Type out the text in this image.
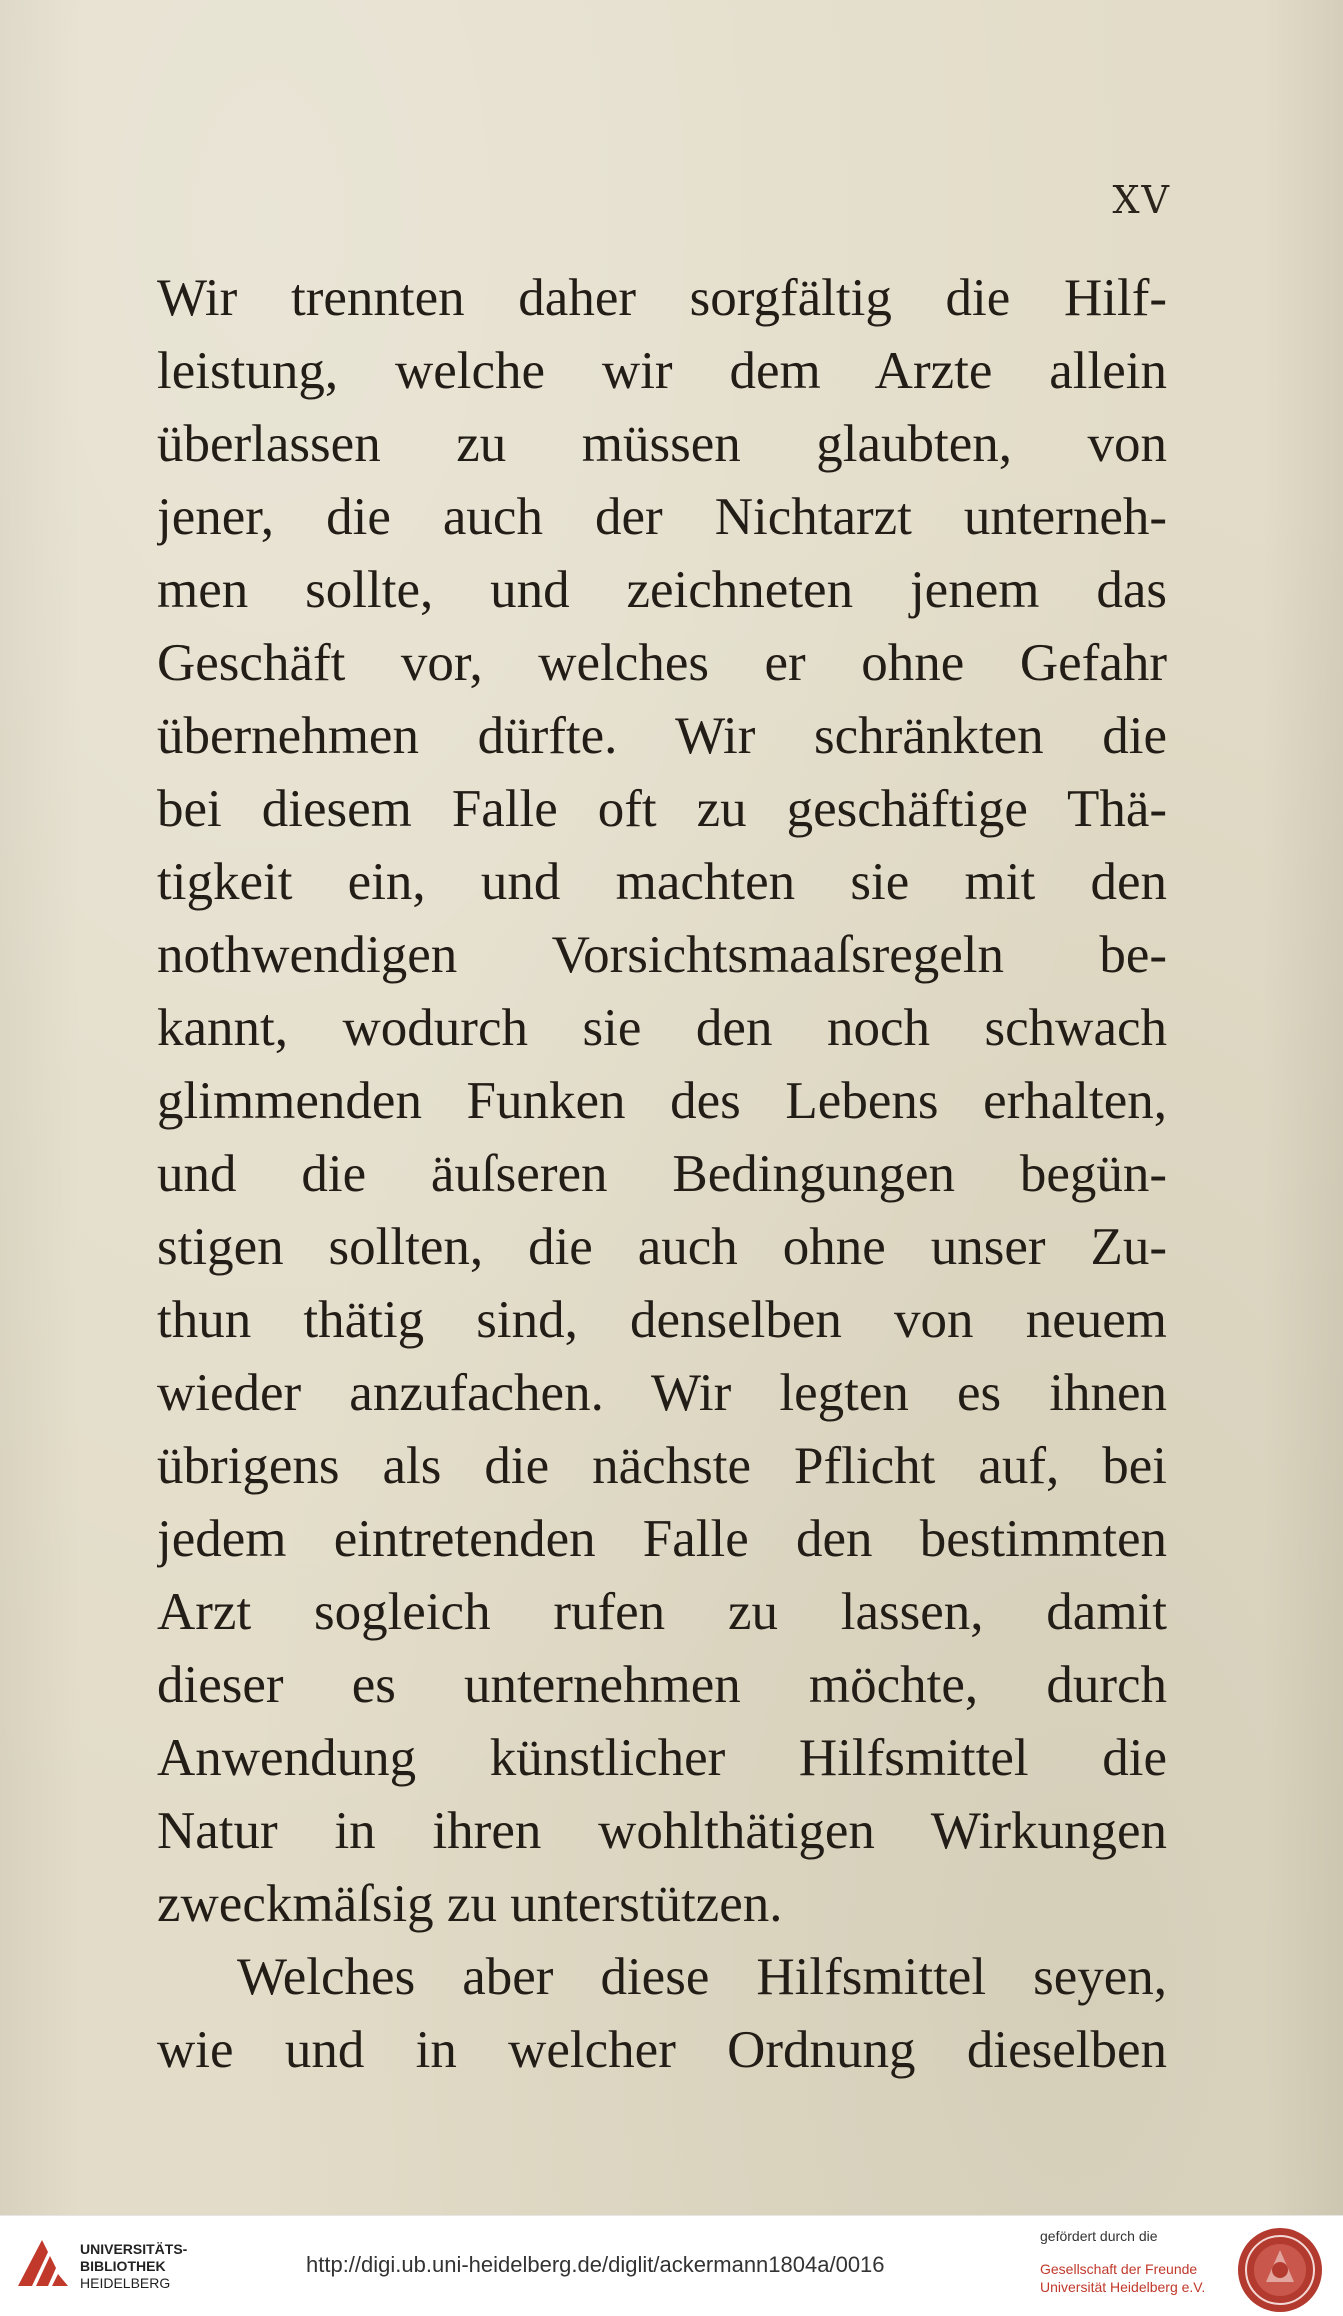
XV
Wir trennten daher sorgfältig die Hilf-
leistung, welche wir dem Arzte allein
überlassen zu müssen glaubten, von
jener, die auch der Nichtarzt unterneh-
men sollte, und zeichneten jenem das
Geschäft vor, welches er ohne Gefahr
übernehmen dürfte. Wir schränkten die
bei diesem Falle oft zu geschäftige Thä-
tigkeit ein, und machten sie mit den
nothwendigen Vorsichtsmaaſsregeln be-
kannt, wodurch sie den noch schwach
glimmenden Funken des Lebens erhalten,
und die äuſseren Bedingungen begün-
stigen sollten, die auch ohne unser Zu-
thun thätig sind, denselben von neuem
wieder anzufachen. Wir legten es ihnen
übrigens als die nächste Pflicht auf, bei
jedem eintretenden Falle den bestimmten
Arzt sogleich rufen zu lassen, damit
dieser es unternehmen möchte, durch
Anwendung künstlicher Hilfsmittel die
Natur in ihren wohlthätigen Wirkungen
zweckmäſsig zu unterstützen.
Welches aber diese Hilfsmittel seyen,
wie und in welcher Ordnung dieselben
UNIVERSITÄTS-
BIBLIOTHEK
HEIDELBERG
http://digi.ub.uni-heidelberg.de/diglit/ackermann1804a/0016
gefördert durch die
Gesellschaft der Freunde
Universität Heidelberg e.V.
